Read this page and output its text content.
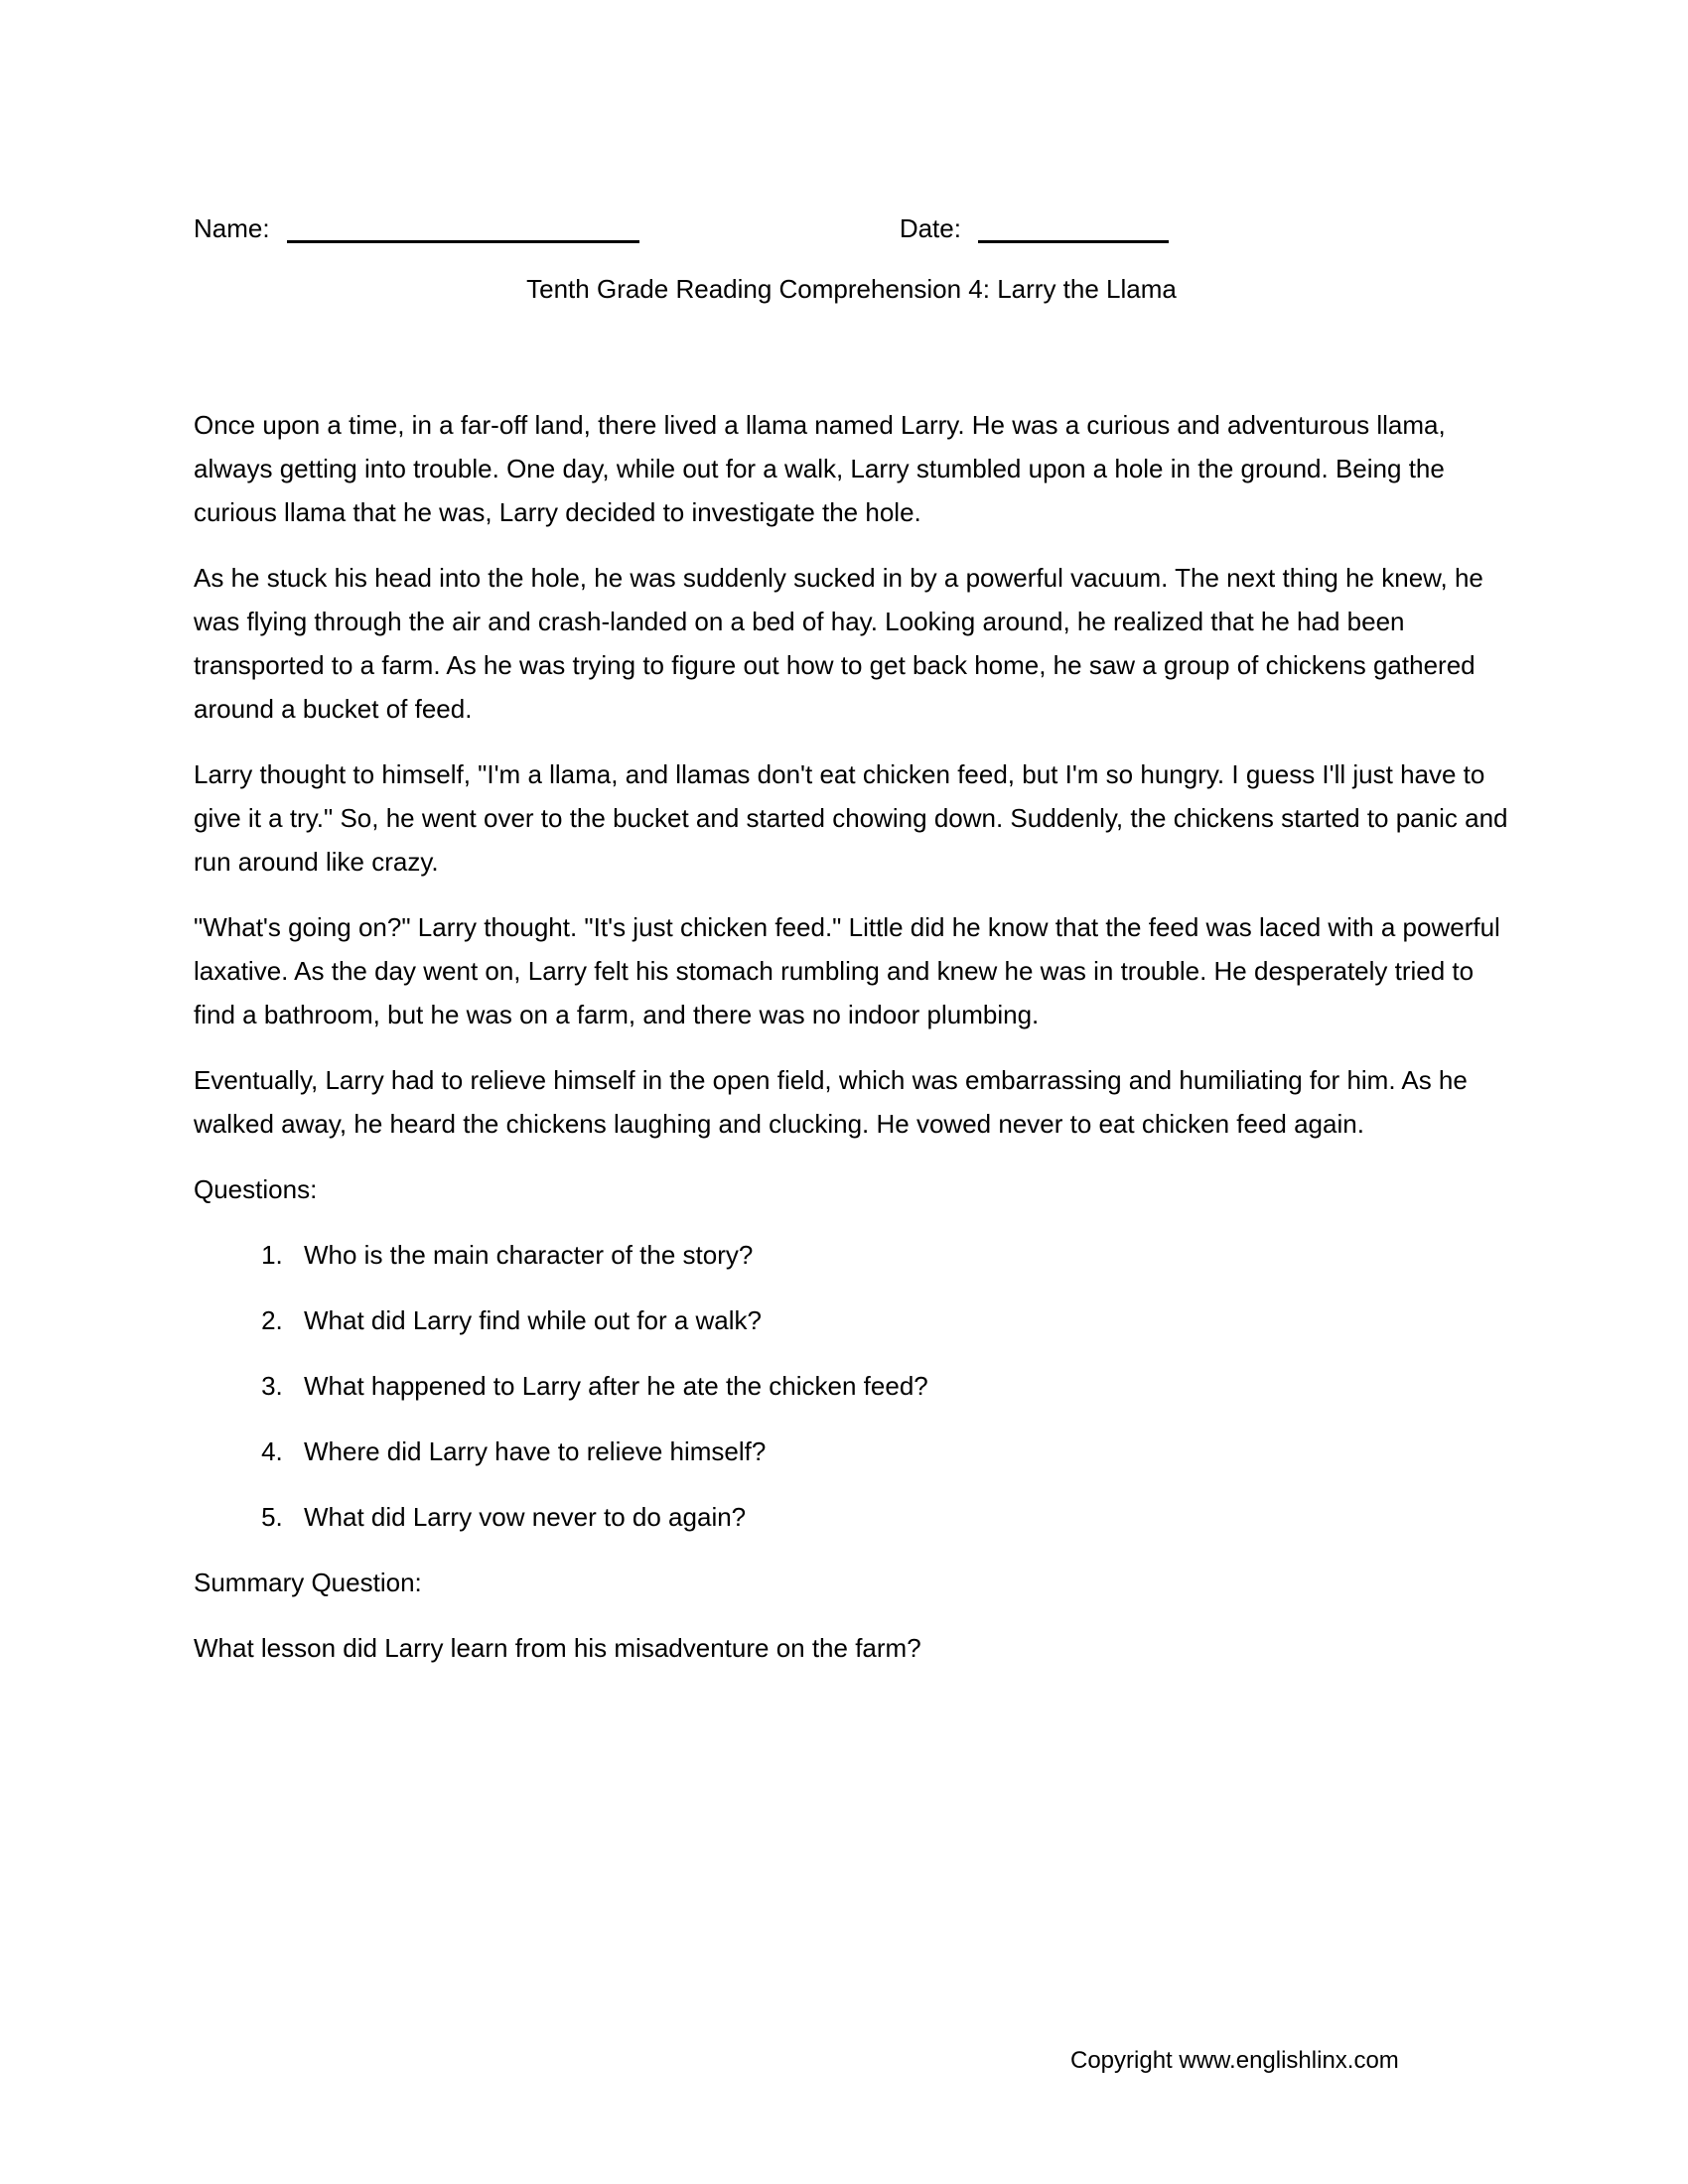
Name:	Date:
Tenth Grade Reading Comprehension 4: Larry the Llama

Once upon a time, in a far-off land, there lived a llama named Larry. He was a curious and adventurous llama, always getting into trouble. One day, while out for a walk, Larry stumbled upon a hole in the ground. Being the curious llama that he was, Larry decided to investigate the hole.

As he stuck his head into the hole, he was suddenly sucked in by a powerful vacuum. The next thing he knew, he was flying through the air and crash-landed on a bed of hay. Looking around, he realized that he had been transported to a farm. As he was trying to figure out how to get back home, he saw a group of chickens gathered around a bucket of feed.

Larry thought to himself, "I'm a llama, and llamas don't eat chicken feed, but I'm so hungry. I guess I'll just have to give it a try." So, he went over to the bucket and started chowing down. Suddenly, the chickens started to panic and run around like crazy.

"What's going on?" Larry thought. "It's just chicken feed." Little did he know that the feed was laced with a powerful laxative. As the day went on, Larry felt his stomach rumbling and knew he was in trouble. He desperately tried to find a bathroom, but he was on a farm, and there was no indoor plumbing.

Eventually, Larry had to relieve himself in the open field, which was embarrassing and humiliating for him. As he walked away, he heard the chickens laughing and clucking. He vowed never to eat chicken feed again.

Questions:

1. Who is the main character of the story?
2. What did Larry find while out for a walk?
3. What happened to Larry after he ate the chicken feed?
4. Where did Larry have to relieve himself?
5. What did Larry vow never to do again?

Summary Question:

What lesson did Larry learn from his misadventure on the farm?

Copyright www.englishlinx.com
